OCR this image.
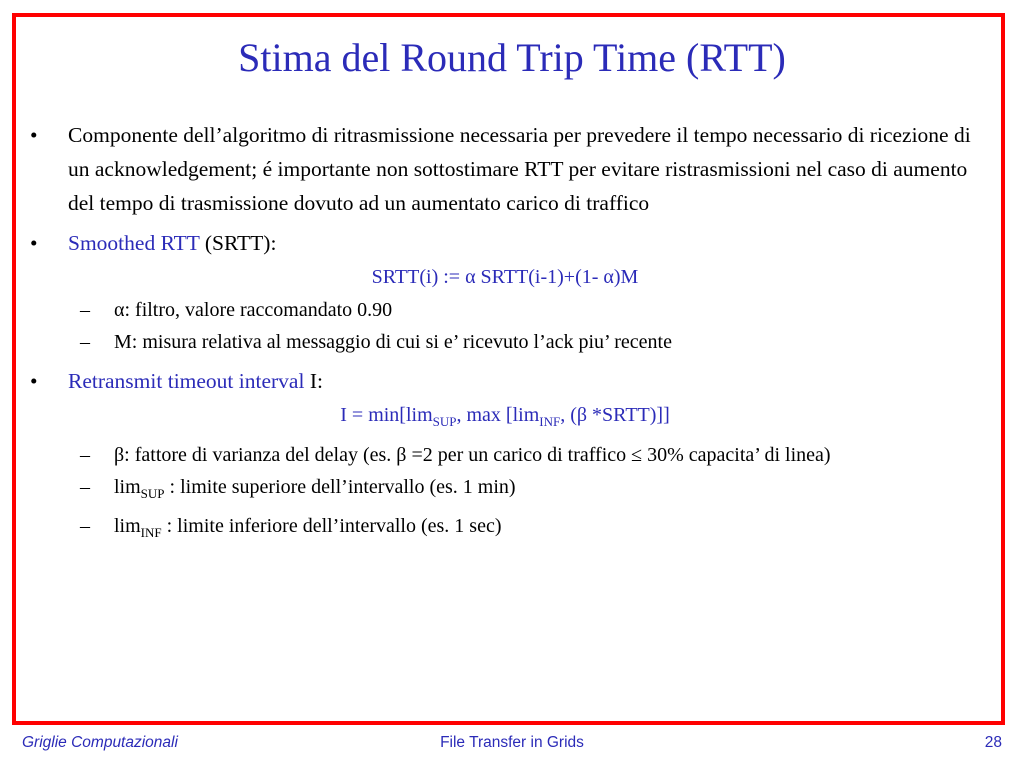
Stima del Round Trip Time (RTT)
• Componente dell’algoritmo di ritrasmissione necessaria per prevedere il tempo necessario di ricezione di un acknowledgement; é importante non sottostimare RTT per evitare ristrasmissioni nel caso di aumento del tempo di trasmissione dovuto ad un aumentato carico di traffico
• Smoothed RTT (SRTT):
SRTT(i) := α SRTT(i-1)+(1- α)M
– α: filtro, valore raccomandato 0.90
– M: misura relativa al messaggio di cui si e’ ricevuto l’ack piu’ recente
• Retransmit timeout interval I:
$I = \min[\lim_{SUP}$, $\max [\lim_{INF}$, (β *SRTT)]]
– β: fattore di varianza del delay (es. β =2 per un carico di traffico ≤ 30% capacita’ di linea)
– $\lim_{SUP}$ : limite superiore dell’intervallo (es. 1 min)
– $\lim_{INF}$ : limite inferiore dell’intervallo (es. 1 sec)
Griglie Computazionali	File Transfer in Grids	28
